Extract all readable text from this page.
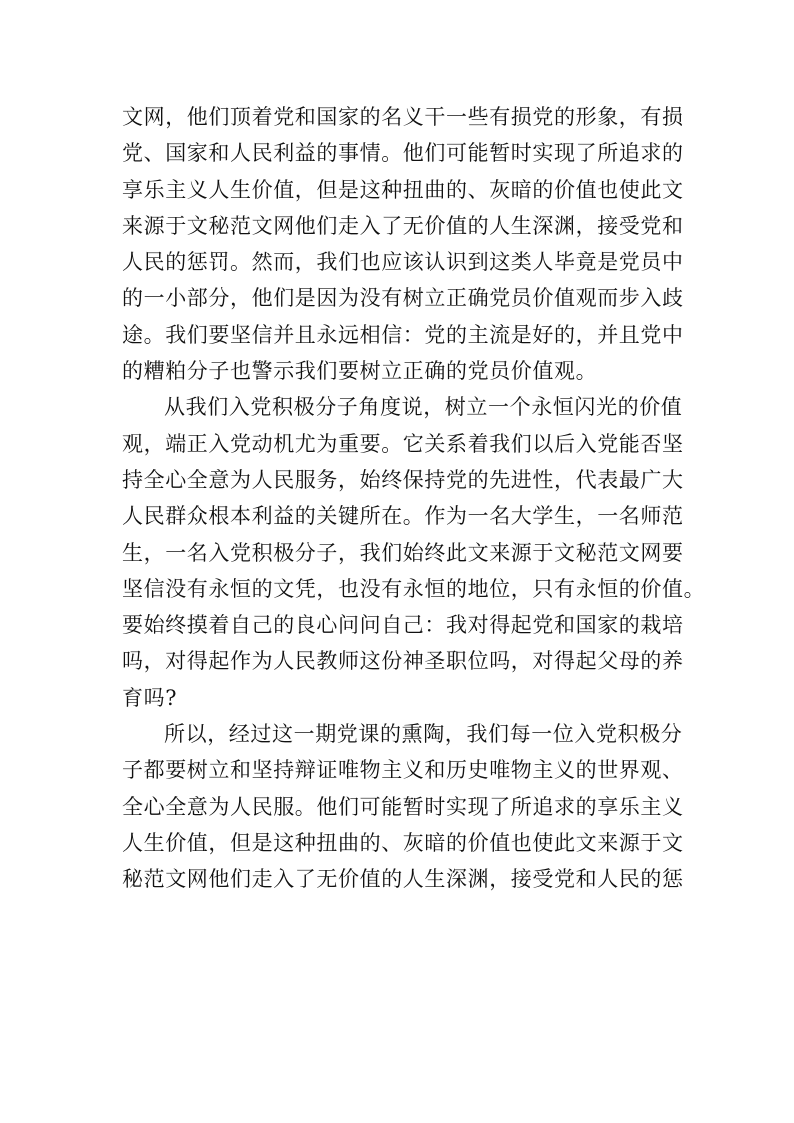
文网，他们顶着党和国家的名义干一些有损党的形象，有损
党、国家和人民利益的事情。他们可能暂时实现了所追求的
享乐主义人生价值，但是这种扭曲的、灰暗的价值也使此文
来源于文秘范文网他们走入了无价值的人生深渊，接受党和
人民的惩罚。然而，我们也应该认识到这类人毕竟是党员中
的一小部分，他们是因为没有树立正确党员价值观而步入歧
途。我们要坚信并且永远相信：党的主流是好的，并且党中
的糟粕分子也警示我们要树立正确的党员价值观。
从我们入党积极分子角度说，树立一个永恒闪光的价值
观，端正入党动机尤为重要。它关系着我们以后入党能否坚
持全心全意为人民服务，始终保持党的先进性，代表最广大
人民群众根本利益的关键所在。作为一名大学生，一名师范
生，一名入党积极分子，我们始终此文来源于文秘范文网要
坚信没有永恒的文凭，也没有永恒的地位，只有永恒的价值。
要始终摸着自己的良心问问自己：我对得起党和国家的栽培
吗，对得起作为人民教师这份神圣职位吗，对得起父母的养
育吗?
所以，经过这一期党课的熏陶，我们每一位入党积极分
子都要树立和坚持辩证唯物主义和历史唯物主义的世界观、
全心全意为人民服。他们可能暂时实现了所追求的享乐主义
人生价值，但是这种扭曲的、灰暗的价值也使此文来源于文
秘范文网他们走入了无价值的人生深渊，接受党和人民的惩
